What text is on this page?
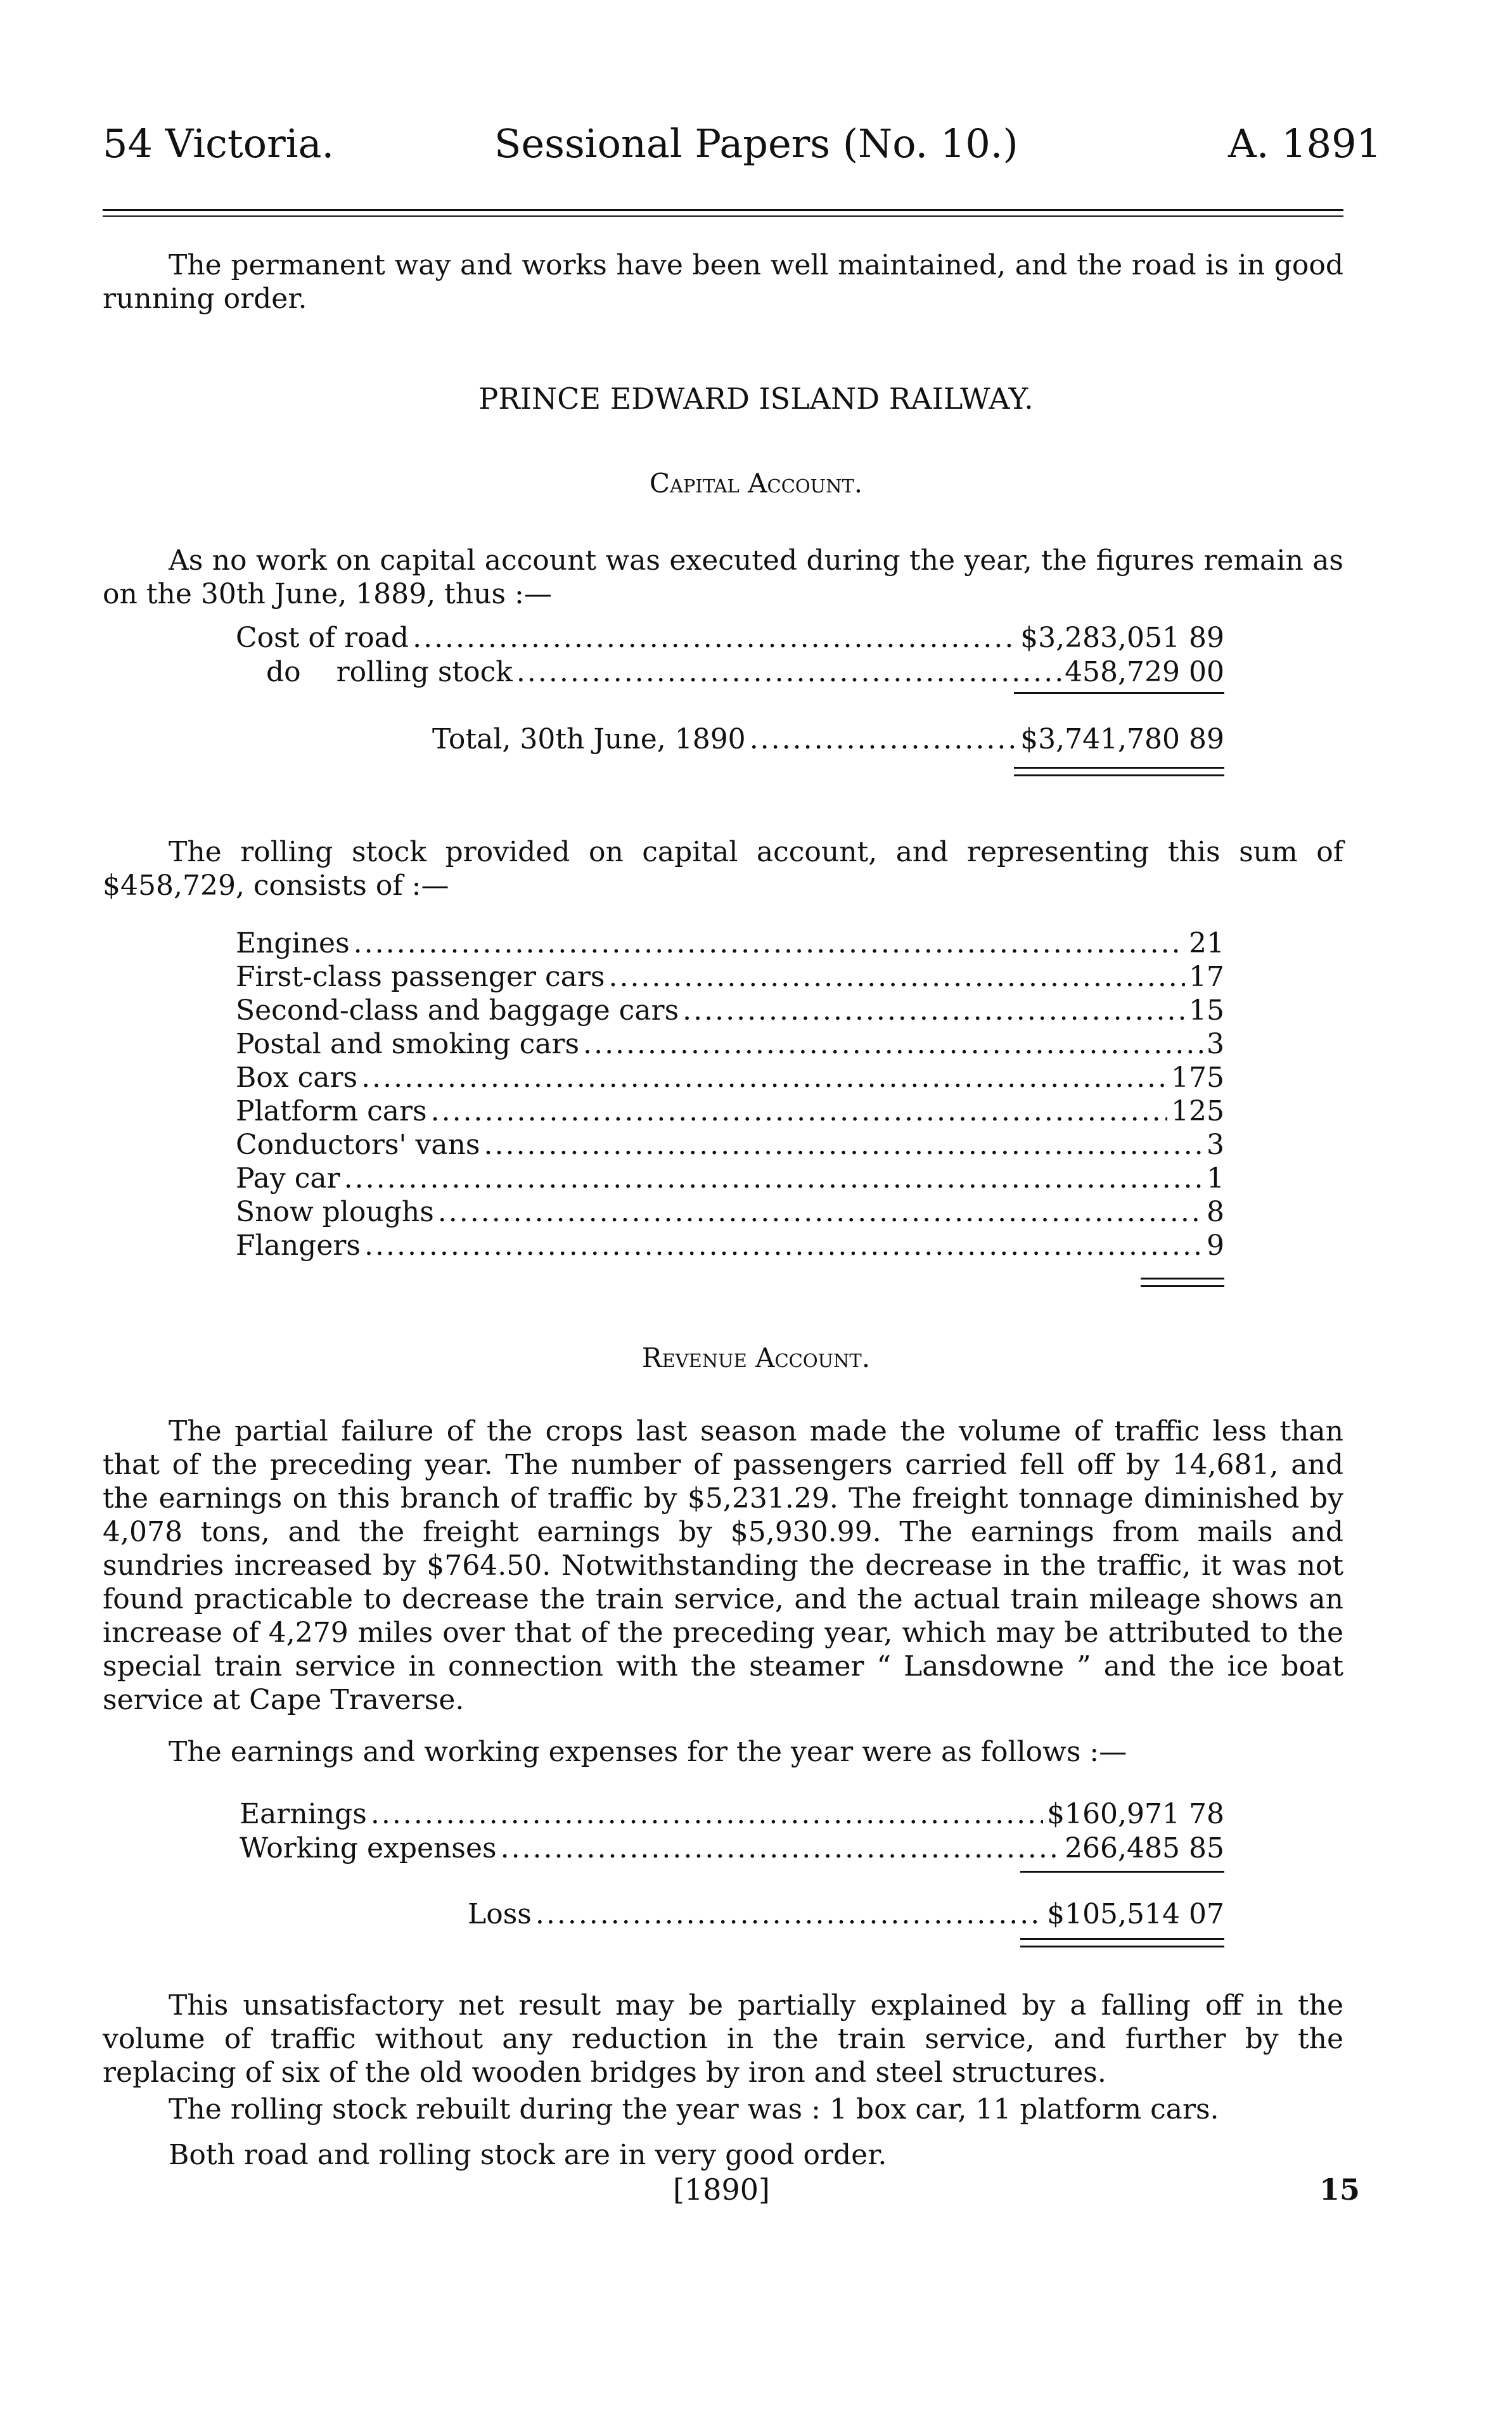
54 Victoria.	Sessional Papers (No. 10.)	A. 1891

The permanent way and works have been well maintained, and the road is in good running order.

PRINCE EDWARD ISLAND RAILWAY.
Capital Account.

As no work on capital account was executed during the year, the figures remain as on the 30th June, 1889, thus :—

Cost of road .....	$3,283,051 89
do    rolling stock .....	458,729 00
Total, 30th June, 1890 .....	$3,741,780 89

The rolling stock provided on capital account, and representing this sum of $458,729, consists of :—

Engines .....	21
First-class passenger cars .....	17
Second-class and baggage cars .....	15
Postal and smoking cars .....	3
Box cars .....	175
Platform cars .....	125
Conductors' vans .....	3
Pay car .....	1
Snow ploughs .....	8
Flangers .....	9
Revenue Account.

The partial failure of the crops last season made the volume of traffic less than that of the preceding year. The number of passengers carried fell off by 14,681, and the earnings on this branch of traffic by $5,231.29. The freight tonnage diminished by 4,078 tons, and the freight earnings by $5,930.99. The earnings from mails and sundries increased by $764.50. Notwithstanding the decrease in the traffic, it was not found practicable to decrease the train service, and the actual train mileage shows an increase of 4,279 miles over that of the preceding year, which may be attributed to the special train service in connection with the steamer “ Lansdowne ” and the ice boat service at Cape Traverse.

The earnings and working expenses for the year were as follows :—

Earnings .....	$160,971 78
Working expenses .....	266,485 85
Loss .....	$105,514 07

This unsatisfactory net result may be partially explained by a falling off in the volume of traffic without any reduction in the train service, and further by the replacing of six of the old wooden bridges by iron and steel structures.

The rolling stock rebuilt during the year was : 1 box car, 11 platform cars.

Both road and rolling stock are in very good order.

[1890]	15
